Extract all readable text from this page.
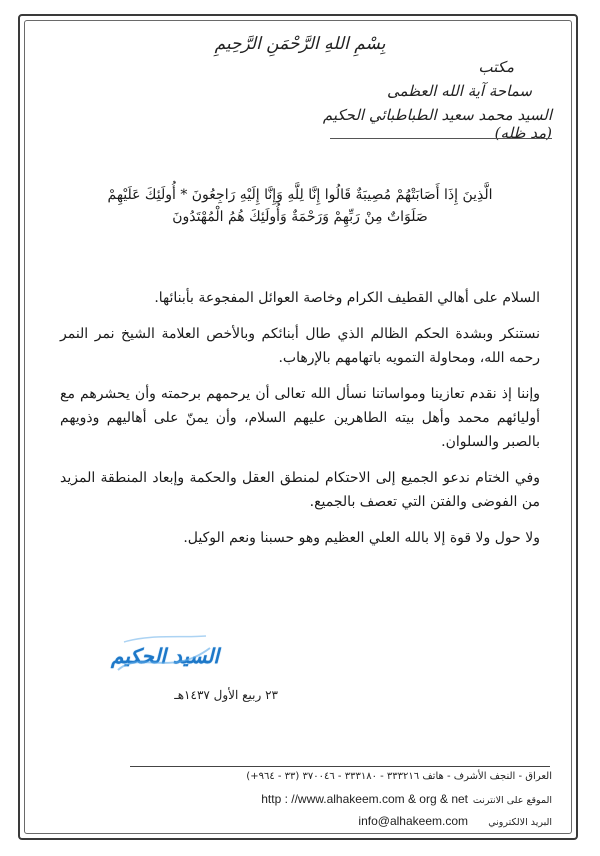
بِسْمِ اللهِ الرَّحْمَنِ الرَّحِيمِ
مكتب
سماحة آية الله العظمى
السيد محمد سعيد الطباطبائي الحكيم (مد ظله)
الَّذِينَ إِذَا أَصَابَتْهُمْ مُصِيبَةٌ قَالُوا إِنَّا لِلَّهِ وَإِنَّا إِلَيْهِ رَاجِعُونَ * أُولَئِكَ عَلَيْهِمْ
صَلَوَاتٌ مِنْ رَبِّهِمْ وَرَحْمَةٌ وَأُولَئِكَ هُمُ الْمُهْتَدُونَ

السلام على أهالي القطيف الكرام وخاصة العوائل المفجوعة بأبنائها.

نستنكر وبشدة الحكم الظالم الذي طال أبنائكم وبالأخص العلامة الشيخ نمر النمر رحمه الله، ومحاولة التمويه باتهامهم بالإرهاب.

وإننا إذ نقدم تعازينا ومواساتنا نسأل الله تعالى أن يرحمهم برحمته وأن يحشرهم مع أوليائهم محمد وأهل بيته الطاهرين عليهم السلام، وأن يمنّ على أهاليهم وذويهم بالصبر والسلوان.

وفي الختام ندعو الجميع إلى الاحتكام لمنطق العقل والحكمة وإبعاد المنطقة المزيد من الفوضى والفتن التي تعصف بالجميع.

ولا حول ولا قوة إلا بالله العلي العظيم وهو حسبنا ونعم الوكيل.

السيد الحكيم
٢٣ ربيع الأول ١٤٣٧هـ
العراق - النجف الأشرف - هاتف ٣٣٣٢١٦ - ٣٣٣١٨٠ - ٣٧٠٠٤٦ (٣٣ - ٩٦٤+)
الموقع على الانترنت
http : //www.alhakeem.com & org & net
البريد الالكتروني
info@alhakeem.com
